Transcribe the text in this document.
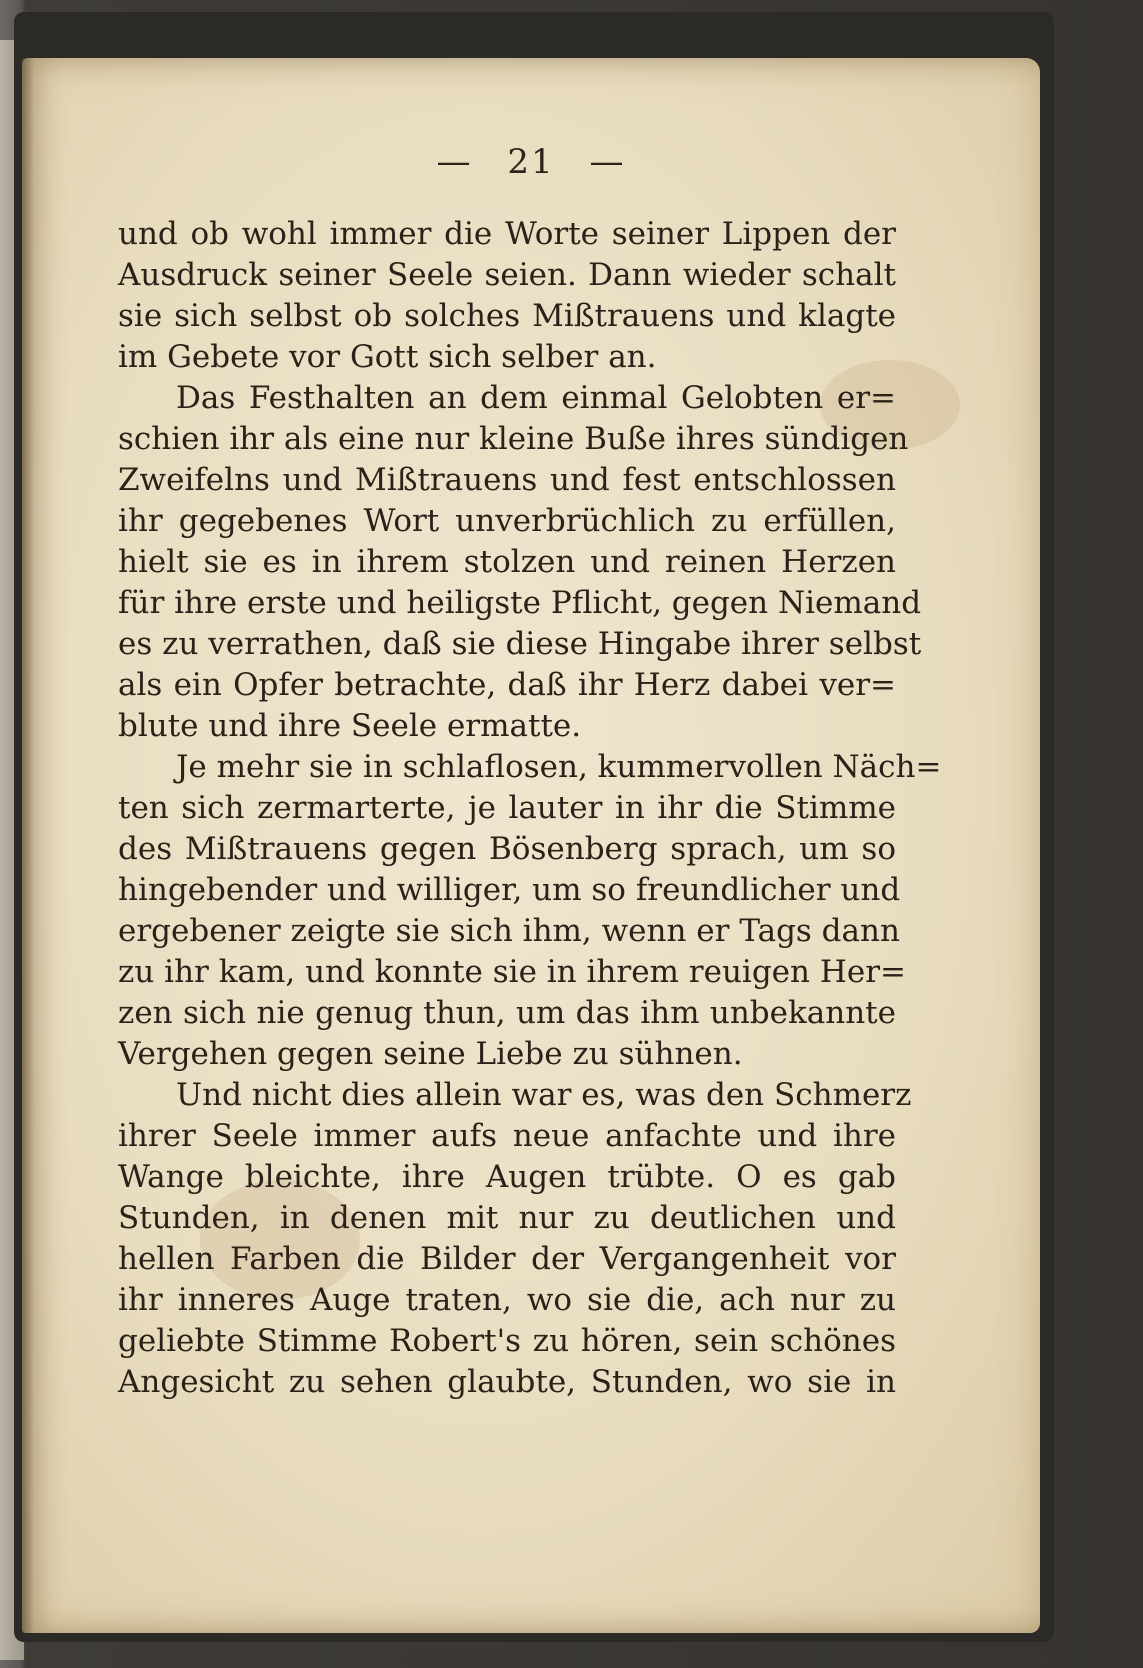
— 21 —
und ob wohl immer die Worte seiner Lippen der
Ausdruck seiner Seele seien. Dann wieder schalt
sie sich selbst ob solches Mißtrauens und klagte
im Gebete vor Gott sich selber an.
Das Festhalten an dem einmal Gelobten er=
schien ihr als eine nur kleine Buße ihres sündigen
Zweifelns und Mißtrauens und fest entschlossen
ihr gegebenes Wort unverbrüchlich zu erfüllen,
hielt sie es in ihrem stolzen und reinen Herzen
für ihre erste und heiligste Pflicht, gegen Niemand
es zu verrathen, daß sie diese Hingabe ihrer selbst
als ein Opfer betrachte, daß ihr Herz dabei ver=
blute und ihre Seele ermatte.
Je mehr sie in schlaflosen, kummervollen Näch=
ten sich zermarterte, je lauter in ihr die Stimme
des Mißtrauens gegen Bösenberg sprach, um so
hingebender und williger, um so freundlicher und
ergebener zeigte sie sich ihm, wenn er Tags dann
zu ihr kam, und konnte sie in ihrem reuigen Her=
zen sich nie genug thun, um das ihm unbekannte
Vergehen gegen seine Liebe zu sühnen.
Und nicht dies allein war es, was den Schmerz
ihrer Seele immer aufs neue anfachte und ihre
Wange bleichte, ihre Augen trübte. O es gab
Stunden, in denen mit nur zu deutlichen und
hellen Farben die Bilder der Vergangenheit vor
ihr inneres Auge traten, wo sie die, ach nur zu
geliebte Stimme Robert's zu hören, sein schönes
Angesicht zu sehen glaubte, Stunden, wo sie in
